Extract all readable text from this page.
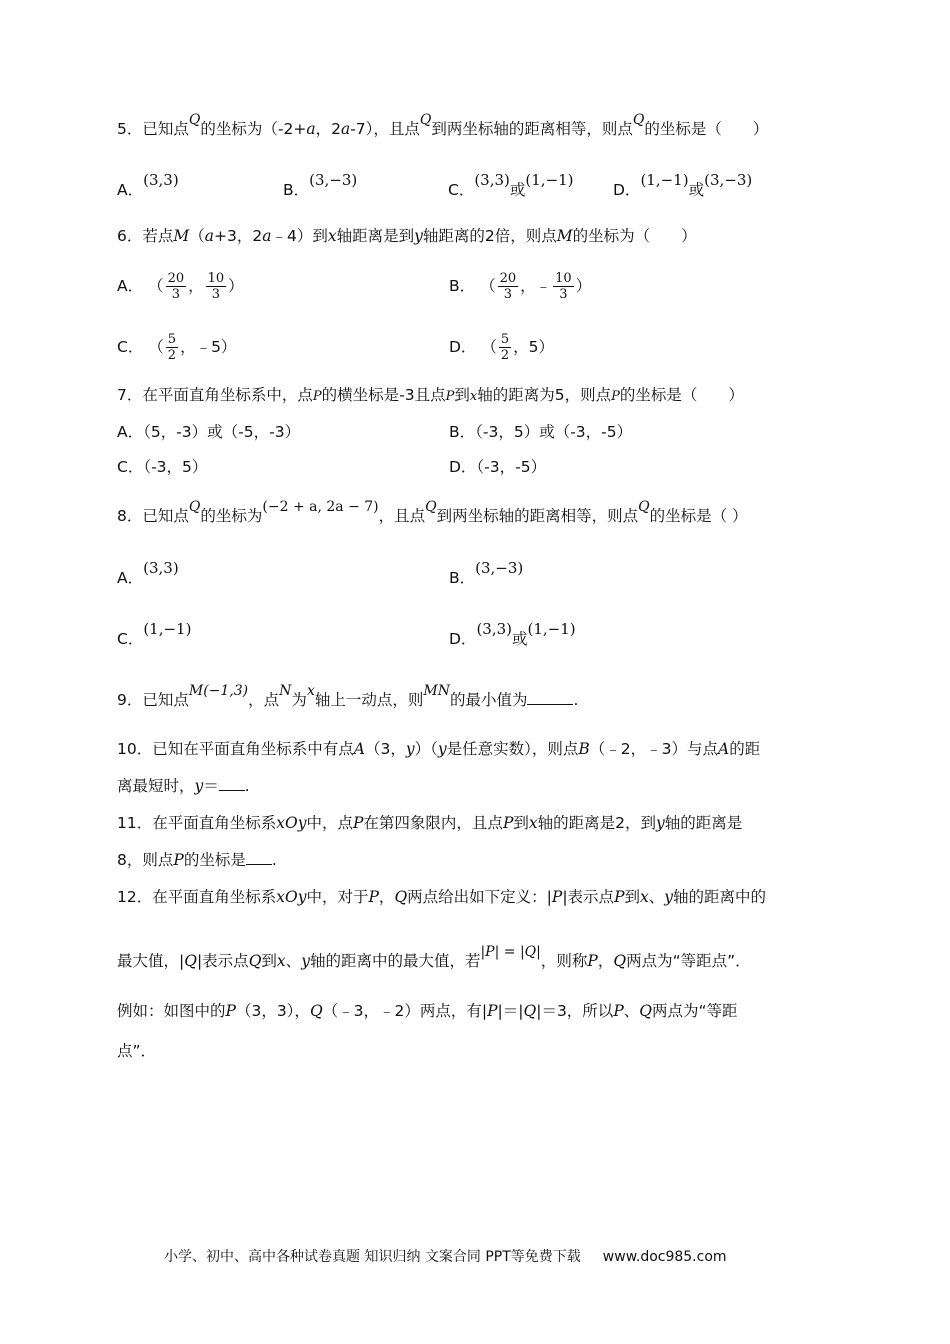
5．已知点Q的坐标为（-2+a，2a-7），且点Q到两坐标轴的距离相等，则点Q的坐标是（　　）
A．(3,3)
B．(3,−3)
C．(3,3)或(1,−1)
D．(1,−1)或(3,−3)
6．若点M（a+3，2a﹣4）到x轴距离是到y轴距离的2倍，则点M的坐标为（　　）
A． （ $\frac{20}{3}$ ， $\frac{10}{3}$ ）	B． （ $\frac{20}{3}$ ，﹣ $\frac{10}{3}$ ）
C． （ $\frac{5}{2}$ ，﹣5）	D． （ $\frac{5}{2}$ ，5）
7．在平面直角坐标系中，点P的横坐标是-3且点P到x轴的距离为5，则点P的坐标是（　　）
A．（5，-3）或（-5，-3）	B．（-3，5）或（-3，-5）
C．（-3，5）	D．（-3，-5）
8．已知点Q的坐标为(−2 + a, 2a − 7)，且点Q到两坐标轴的距离相等，则点Q的坐标是（ ）
A．(3,3)
B．(3,−3)
C．(1,−1)
D．(3,3)或(1,−1)
9．已知点M(−1,3)，点N为x轴上一动点，则MN的最小值为	.
10．已知在平面直角坐标系中有点A（3，y）（y是任意实数），则点B（﹣2，﹣3）与点A的距
离最短时，y＝ .
11．在平面直角坐标系xOy中，点P在第四象限内，且点P到x轴的距离是2，到y轴的距离是
8，则点P的坐标是 .
12．在平面直角坐标系xOy中，对于P，Q两点给出如下定义：|P|表示点P到x、y轴的距离中的
最大值，|Q|表示点Q到x、y轴的距离中的最大值，若|P| = |Q|，则称P，Q两点为“等距点”．
例如：如图中的P（3，3），Q（﹣3，﹣2）两点，有|P|＝|Q|＝3，所以P、Q两点为“等距
点”．
小学、初中、高中各种试卷真题 知识归纳 文案合同 PPT等免费下载 www.doc985.com
